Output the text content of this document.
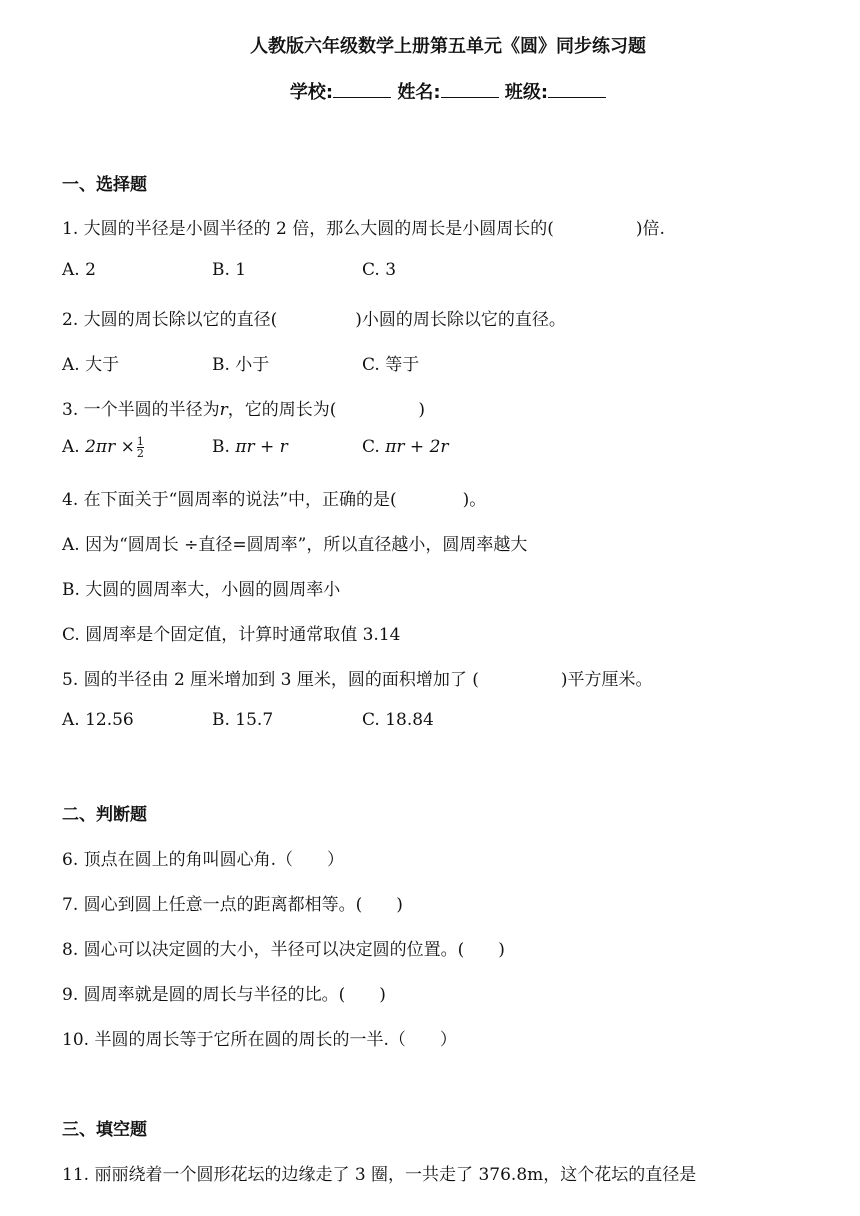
人教版六年级数学上册第五单元《圆》同步练习题
学校:	姓名:	班级:
一、选择题
1. 大圆的半径是小圆半径的 2 倍，那么大圆的周长是小圆周长的(	)倍.
A. 2	B. 1	C. 3
2. 大圆的周长除以它的直径(	)小圆的周长除以它的直径。
A. 大于	B. 小于	C. 等于
3. 一个半圆的半径为r，它的周长为(	)
A. $2\pi r \times \frac{1}{2}$	B. πr + r	C. πr + 2r
4. 在下面关于“圆周率的说法”中，正确的是(	)。
A. 因为“圆周长 ÷直径=圆周率”，所以直径越小，圆周率越大
B. 大圆的圆周率大，小圆的圆周率小
C. 圆周率是个固定值，计算时通常取值 3.14
5. 圆的半径由 2 厘米增加到 3 厘米，圆的面积增加了 (	)平方厘米。
A. 12.56	B. 15.7	C. 18.84
二、判断题
6. 顶点在圆上的角叫圆心角.（　　）
7. 圆心到圆上任意一点的距离都相等。(　　)
8. 圆心可以决定圆的大小，半径可以决定圆的位置。(　　)
9. 圆周率就是圆的周长与半径的比。(　　)
10. 半圆的周长等于它所在圆的周长的一半.（　　）
三、填空题
11. 丽丽绕着一个圆形花坛的边缘走了 3 圈，一共走了 376.8m，这个花坛的直径是
